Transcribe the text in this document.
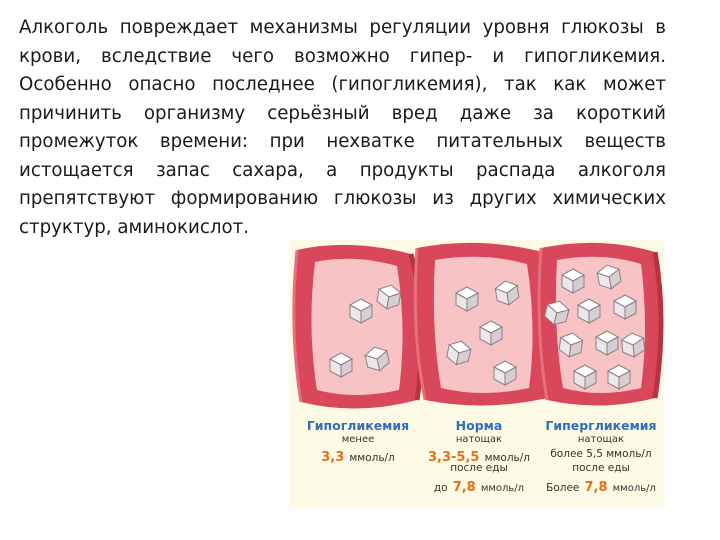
Алкоголь повреждает механизмы регуляции уровня глюкозы в крови, вследствие чего возможно гипер- и гипогликемия. Особенно опасно последнее (гипогликемия), так как может причинить организму серьёзный вред даже за короткий промежуток времени: при нехватке питательных веществ истощается запас сахара, а продукты распада алкоголя препятствуют формированию глюкозы из других химических структур, аминокислот.

Гипогликемия
менее
3,3 ммоль/л
Норма
натощак
3,3-5,5 ммоль/л
после еды
до 7,8 ммоль/л
Гипергликемия
натощак
более 5,5 ммоль/л
после еды
Более 7,8 ммоль/л
